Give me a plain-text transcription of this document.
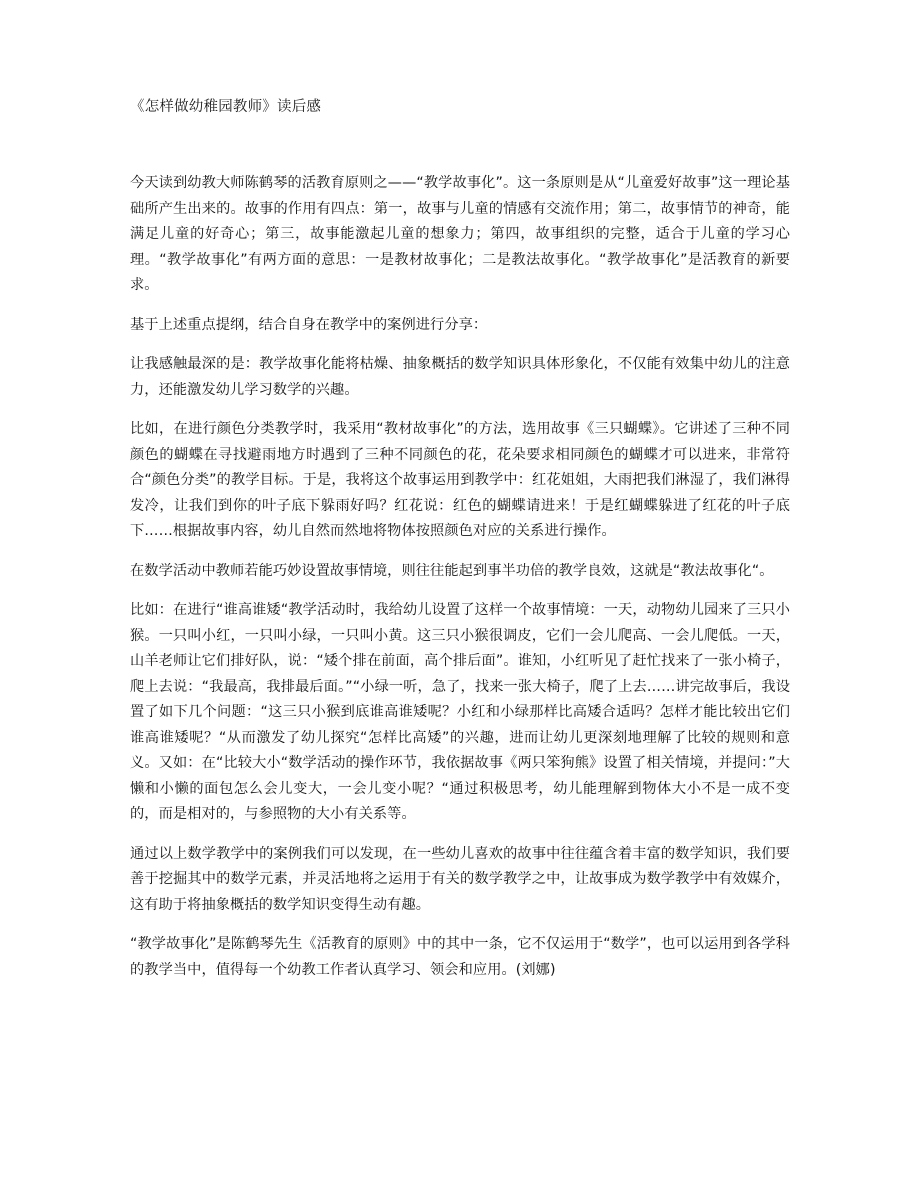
《怎样做幼稚园教师》读后感

今天读到幼教大师陈鹤琴的活教育原则之——“教学故事化”。这一条原则是从“儿童爱好故事”这一理论基础所产生出来的。故事的作用有四点：第一，故事与儿童的情感有交流作用；第二，故事情节的神奇，能满足儿童的好奇心；第三，故事能激起儿童的想象力；第四，故事组织的完整，适合于儿童的学习心理。“教学故事化”有两方面的意思：一是教材故事化；二是教法故事化。“教学故事化”是活教育的新要求。

基于上述重点提纲，结合自身在教学中的案例进行分享：

让我感触最深的是：教学故事化能将枯燥、抽象概括的数学知识具体形象化，不仅能有效集中幼儿的注意力，还能激发幼儿学习数学的兴趣。

比如，在进行颜色分类教学时，我采用“教材故事化”的方法，选用故事《三只蝴蝶》。它讲述了三种不同颜色的蝴蝶在寻找避雨地方时遇到了三种不同颜色的花，花朵要求相同颜色的蝴蝶才可以进来，非常符合“颜色分类”的教学目标。于是，我将这个故事运用到教学中：红花姐姐，大雨把我们淋湿了，我们淋得发冷，让我们到你的叶子底下躲雨好吗？红花说：红色的蝴蝶请进来！于是红蝴蝶躲进了红花的叶子底下……根据故事内容，幼儿自然而然地将物体按照颜色对应的关系进行操作。

在数学活动中教师若能巧妙设置故事情境，则往往能起到事半功倍的教学良效，这就是“教法故事化“。

比如：在进行“谁高谁矮“教学活动时，我给幼儿设置了这样一个故事情境：一天，动物幼儿园来了三只小猴。一只叫小红，一只叫小绿，一只叫小黄。这三只小猴很调皮，它们一会儿爬高、一会儿爬低。一天，山羊老师让它们排好队，说：“矮个排在前面，高个排后面”。谁知，小红听见了赶忙找来了一张小椅子，爬上去说：“我最高，我排最后面。”“小绿一听，急了，找来一张大椅子，爬了上去……讲完故事后，我设置了如下几个问题：“这三只小猴到底谁高谁矮呢？小红和小绿那样比高矮合适吗？怎样才能比较出它们谁高谁矮呢？“从而激发了幼儿探究“怎样比高矮”的兴趣，进而让幼儿更深刻地理解了比较的规则和意义。又如：在“比较大小“数学活动的操作环节，我依据故事《两只笨狗熊》设置了相关情境，并提问：”大懒和小懒的面包怎么会儿变大，一会儿变小呢？“通过积极思考，幼儿能理解到物体大小不是一成不变的，而是相对的，与参照物的大小有关系等。

通过以上数学教学中的案例我们可以发现，在一些幼儿喜欢的故事中往往蕴含着丰富的数学知识，我们要善于挖掘其中的数学元素，并灵活地将之运用于有关的数学教学之中，让故事成为数学教学中有效媒介，这有助于将抽象概括的数学知识变得生动有趣。

“教学故事化”是陈鹤琴先生《活教育的原则》中的其中一条，它不仅运用于“数学”，也可以运用到各学科的教学当中，值得每一个幼教工作者认真学习、领会和应用。(刘娜)
